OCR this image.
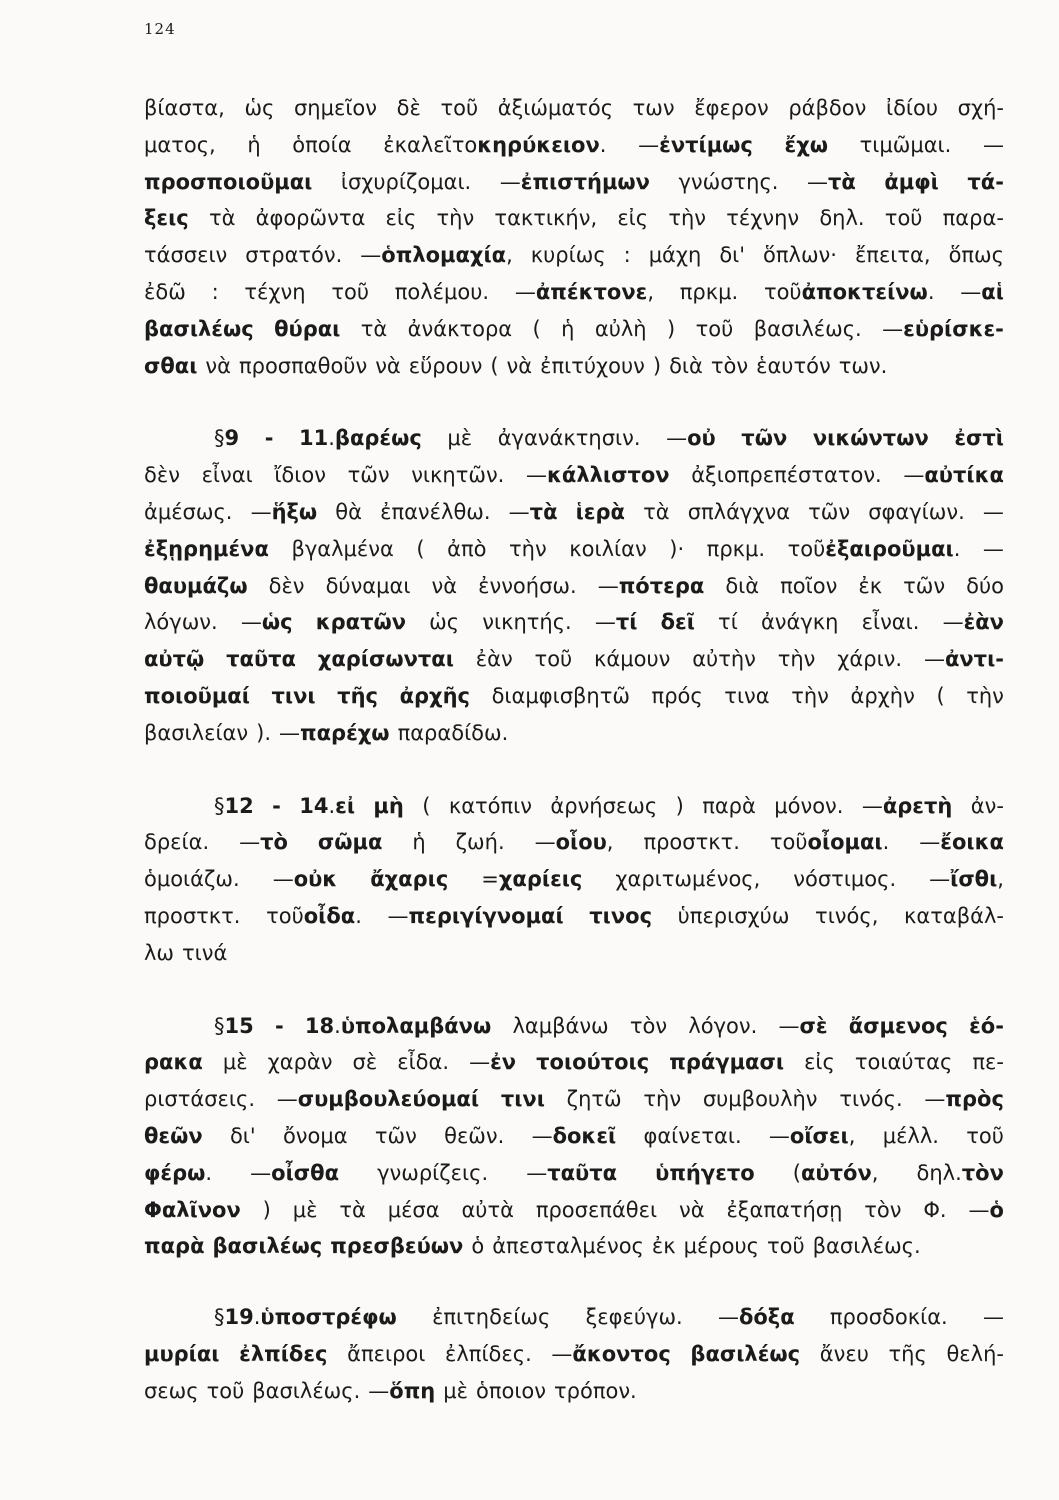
124
βίαστα, ὡς σημεῖον δὲ τοῦ ἀξιώματός των ἔφερον ράβδον ἰδίου σχή-
ματος, ἡ ὁποία ἐκαλεῖτοκηρύκειον. —ἐντίμως ἔχω τιμῶμαι. —
προσποιοῦμαι ἰσχυρίζομαι. —ἐπιστήμων γνώστης. —τὰ ἀμφὶ τά-
ξεις τὰ ἀφορῶντα εἰς τὴν τακτικήν, εἰς τὴν τέχνην δηλ. τοῦ παρα-
τάσσειν στρατόν. —ὁπλομαχία, κυρίως : μάχη δι' ὅπλων· ἔπειτα, ὅπως
ἐδῶ : τέχνη τοῦ πολέμου. —ἀπέκτονε, πρκμ. τοῦἀποκτείνω. —αἱ
βασιλέως θύραι τὰ ἀνάκτορα ( ἡ αὐλὴ ) τοῦ βασιλέως. —εὑρίσκε-
σθαι νὰ προσπαθοῦν νὰ εὕρουν ( νὰ ἐπιτύχουν ) διὰ τὸν ἑαυτόν των.
§9 - 11.βαρέως μὲ ἀγανάκτησιν. —οὐ τῶν νικώντων ἐστὶ
δὲν εἶναι ἴδιον τῶν νικητῶν. —κάλλιστον ἀξιοπρεπέστατον. —αὐτίκα
ἀμέσως. —ἥξω θὰ ἐπανέλθω. —τὰ ἱερὰ τὰ σπλάγχνα τῶν σφαγίων. —
ἐξῃρημένα βγαλμένα ( ἀπὸ τὴν κοιλίαν )· πρκμ. τοῦἐξαιροῦμαι. —
θαυμάζω δὲν δύναμαι νὰ ἐννοήσω. —πότερα διὰ ποῖον ἐκ τῶν δύο
λόγων. —ὡς κρατῶν ὡς νικητής. —τί δεῖ τί ἀνάγκη εἶναι. —ἐὰν
αὐτῷ ταῦτα χαρίσωνται ἐὰν τοῦ κάμουν αὐτὴν τὴν χάριν. —ἀντι-
ποιοῦμαί τινι τῆς ἀρχῆς διαμφισβητῶ πρός τινα τὴν ἀρχὴν ( τὴν
βασιλείαν ). —παρέχω παραδίδω.
§12 - 14.εἰ μὴ ( κατόπιν ἀρνήσεως ) παρὰ μόνον. —ἀρετὴ ἀν-
δρεία. —τὸ σῶμα ἡ ζωή. —οἷου, προστκτ. τοῦοἶομαι. —ἔοικα
ὁμοιάζω. —οὐκ ἄχαρις =χαρίεις χαριτωμένος, νόστιμος. —ἴσθι,
προστκτ. τοῦοἶδα. —περιγίγνομαί τινος ὑπερισχύω τινός, καταβάλ-
λω τινά
§15 - 18.ὑπολαμβάνω λαμβάνω τὸν λόγον. —σὲ ἄσμενος ἑό-
ρακα μὲ χαρὰν σὲ εἶδα. —ἐν τοιούτοις πράγμασι εἰς τοιαύτας πε-
ριστάσεις. —συμβουλεύομαί τινι ζητῶ τὴν συμβουλὴν τινός. —πρὸς
θεῶν δι' ὄνομα τῶν θεῶν. —δοκεῖ φαίνεται. —οἴσει, μέλλ. τοῦ
φέρω. —οἶσθα γνωρίζεις. —ταῦτα ὑπήγετο (αὐτόν, δηλ.τὸν
Φαλῖνον ) μὲ τὰ μέσα αὐτὰ προσεπάθει νὰ ἐξαπατήσῃ τὸν Φ. —ὁ
παρὰ βασιλέως πρεσβεύων ὁ ἀπεσταλμένος ἐκ μέρους τοῦ βασιλέως.
§19.ὑποστρέφω ἐπιτηδείως ξεφεύγω. —δόξα προσδοκία. —
μυρίαι ἐλπίδες ἄπειροι ἐλπίδες. —ἄκοντος βασιλέως ἄνευ τῆς θελή-
σεως τοῦ βασιλέως. —ὅπη μὲ ὁποιον τρόπον.
